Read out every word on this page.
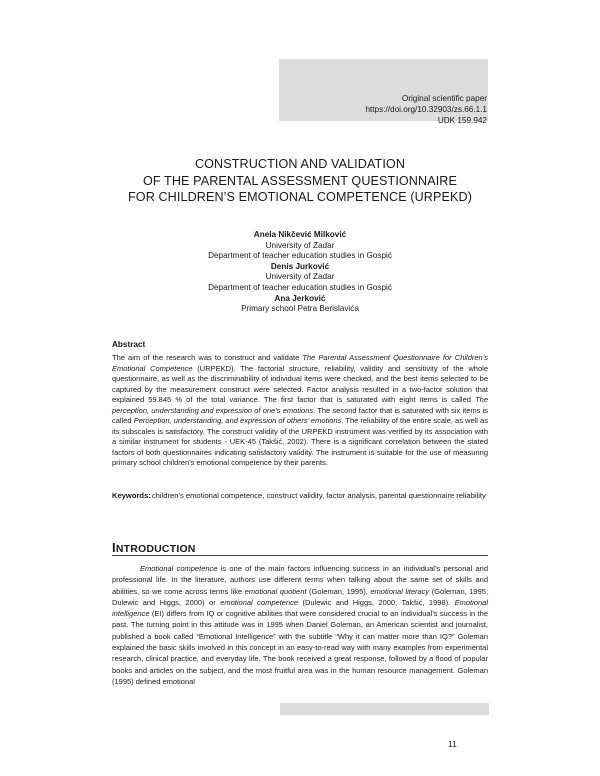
Original scientific paper
https://doi.org/10.32903/zs.66.1.1
UDK 159.942
CONSTRUCTION AND VALIDATION
OF THE PARENTAL ASSESSMENT QUESTIONNAIRE
FOR CHILDREN’S EMOTIONAL COMPETENCE (URPEKD)
Anela Nikčević Milković
University of Zadar
Department of teacher education studies in Gospić
Denis Jurković
University of Zadar
Department of teacher education studies in Gospić
Ana Jerković
Primary school Petra Berislavića
Abstract

The aim of the research was to construct and validate The Parental Assessment Questionnaire for Children’s Emotional Competence (URPEKD). The factorial structure, reliability, validity and sensitivity of the whole questionnaire, as well as the discriminability of individual items were checked, and the best items selected to be captured by the measurement construct were selected. Factor analysis resulted in a two-factor solution that explained 59.845 % of the total variance. The first factor that is saturated with eight items is called The perception, understanding and expression of one’s emotions. The second factor that is saturated with six items is called Perception, understanding, and expression of others’ emotions. The reliability of the entire scale, as well as its subscales is satisfactory. The construct validity of the URPEKD instrument was verified by its association with a similar instrument for students - UEK-45 (Takšić, 2002). There is a significant correlation between the stated factors of both questionnaires indicating satisfactory validity. The instrument is suitable for the use of measuring primary school children’s emotional competence by their parents.

Keywords: children’s emotional competence, construct validity, factor analysis, parental questionnaire reliability
INTRODUCTION

Emotional competence is one of the main factors influencing success in an individual’s personal and professional life. In the literature, authors use different terms when talking about the same set of skills and abilities, so we come across terms like emotional quotient (Goleman, 1995), emotional literacy (Goleman, 1995; Dulewic and Higgs, 2000) or emotional competence (Dulewic and Higgs, 2000; Takšić, 1998). Emotional intelligence (EI) differs from IQ or cognitive abilities that were considered crucial to an individual’s success in the past. The turning point in this attitude was in 1995 when Daniel Goleman, an American scientist and journalist, published a book called “Emotional Intelligence” with the subtitle “Why it can matter more than IQ?” Goleman explained the basic skills involved in this concept in an easy-to-read way with many examples from experimental research, clinical practice, and everyday life. The book received a great response, followed by a flood of popular books and articles on the subject, and the most fruitful area was in the human resource management. Goleman (1995) defined emotional

11
